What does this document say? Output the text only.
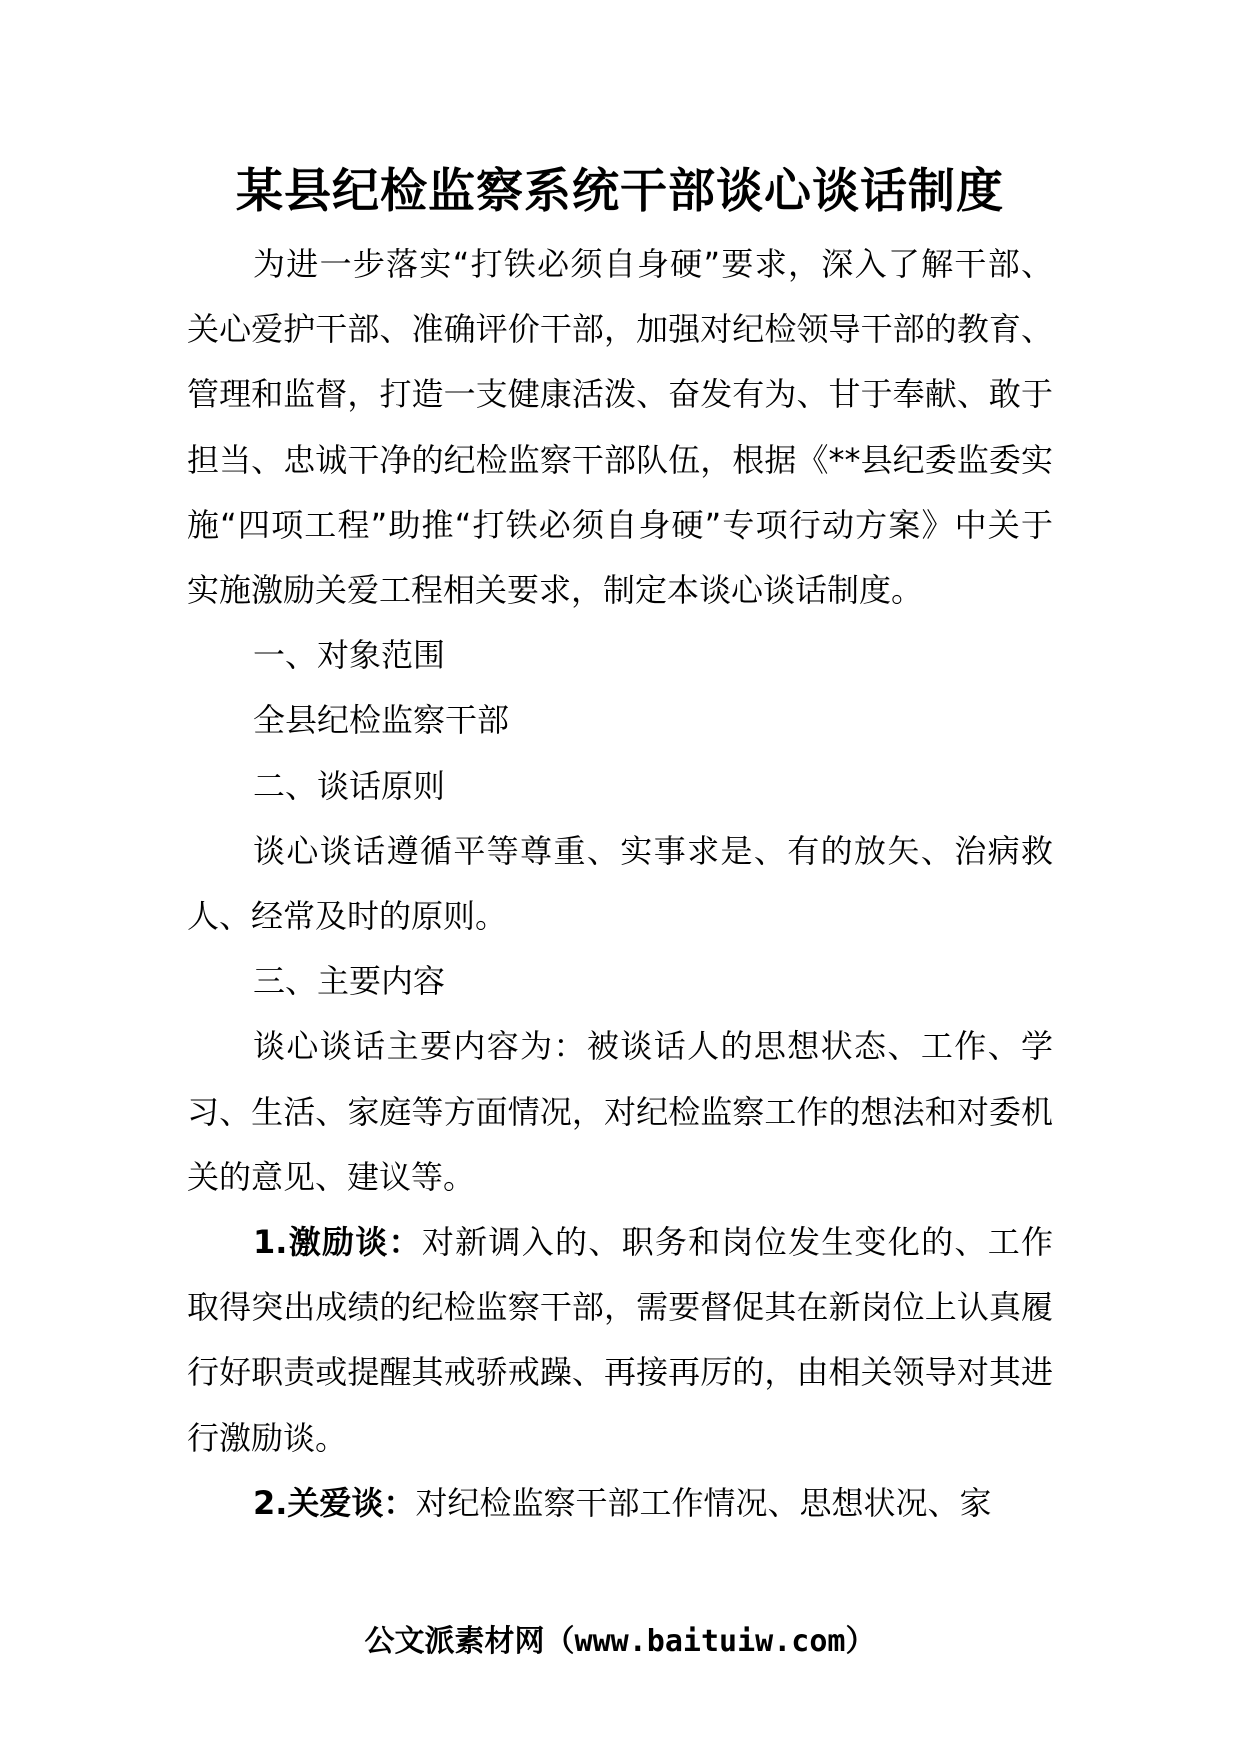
某县纪检监察系统干部谈心谈话制度

为进一步落实“打铁必须自身硬”要求，深入了解干部、关心爱护干部、准确评价干部，加强对纪检领导干部的教育、管理和监督，打造一支健康活泼、奋发有为、甘于奉献、敢于担当、忠诚干净的纪检监察干部队伍，根据《**县纪委监委实施“四项工程”助推“打铁必须自身硬”专项行动方案》中关于实施激励关爱工程相关要求，制定本谈心谈话制度。

一、对象范围

全县纪检监察干部

二、谈话原则

谈心谈话遵循平等尊重、实事求是、有的放矢、治病救人、经常及时的原则。

三、主要内容

谈心谈话主要内容为：被谈话人的思想状态、工作、学习、生活、家庭等方面情况，对纪检监察工作的想法和对委机关的意见、建议等。

1.激励谈：对新调入的、职务和岗位发生变化的、工作取得突出成绩的纪检监察干部，需要督促其在新岗位上认真履行好职责或提醒其戒骄戒躁、再接再厉的，由相关领导对其进行激励谈。

2.关爱谈：对纪检监察干部工作情况、思想状况、家

公文派素材网（www.baituiw.com）
